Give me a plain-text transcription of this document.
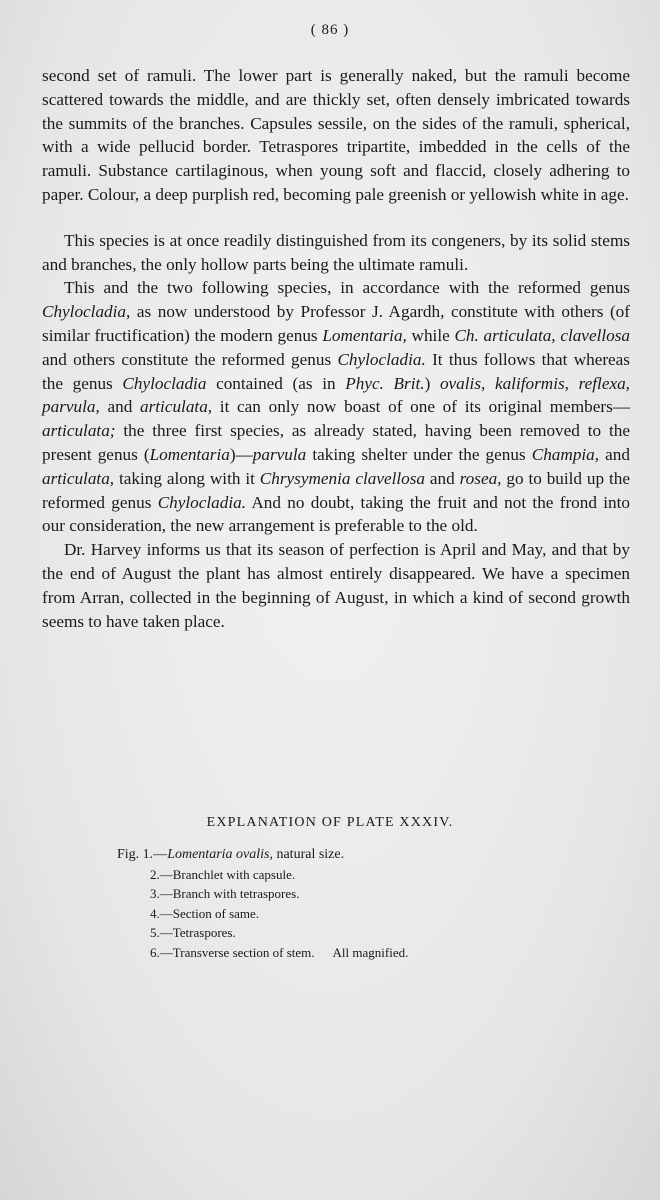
( 86 )

second set of ramuli. The lower part is generally naked, but the ramuli become scattered towards the middle, and are thickly set, often densely imbricated towards the summits of the branches. Capsules sessile, on the sides of the ramuli, spherical, with a wide pellucid border. Tetraspores tripartite, imbedded in the cells of the ramuli. Substance cartilaginous, when young soft and flaccid, closely adhering to paper. Colour, a deep purplish red, becoming pale greenish or yellowish white in age.

This species is at once readily distinguished from its congeners, by its solid stems and branches, the only hollow parts being the ultimate ramuli.

This and the two following species, in accordance with the reformed genus Chylocladia, as now understood by Professor J. Agardh, constitute with others (of similar fructification) the modern genus Lomentaria, while Ch. articulata, clavellosa and others constitute the reformed genus Chylocladia. It thus follows that whereas the genus Chylocladia contained (as in Phyc. Brit.) ovalis, kaliformis, reflexa, parvula, and articulata, it can only now boast of one of its original members—articulata; the three first species, as already stated, having been removed to the present genus (Lomentaria)—parvula taking shelter under the genus Champia, and articulata, taking along with it Chrysymenia clavellosa and rosea, go to build up the reformed genus Chylocladia. And no doubt, taking the fruit and not the frond into our consideration, the new arrangement is preferable to the old.

Dr. Harvey informs us that its season of perfection is April and May, and that by the end of August the plant has almost entirely disappeared. We have a specimen from Arran, collected in the beginning of August, in which a kind of second growth seems to have taken place.

EXPLANATION OF PLATE XXXIV.
Fig. 1.—Lomentaria ovalis, natural size.
2.—Branchlet with capsule.
3.—Branch with tetraspores.
4.—Section of same.
5.—Tetraspores.
6.—Transverse section of stem. All magnified.
